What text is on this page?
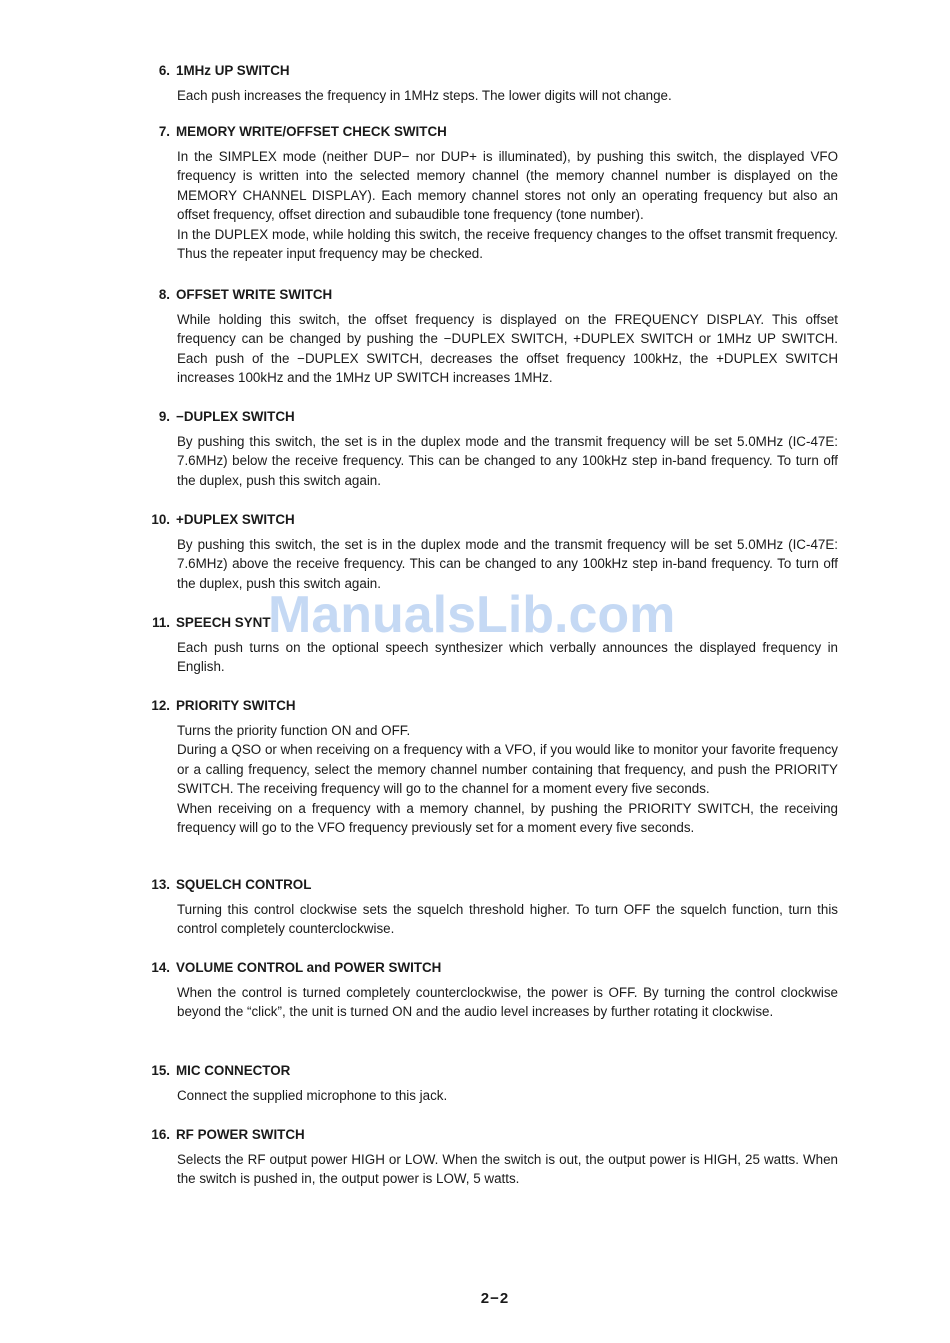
6. 1MHz UP SWITCH

Each push increases the frequency in 1MHz steps. The lower digits will not change.

7. MEMORY WRITE/OFFSET CHECK SWITCH

In the SIMPLEX mode (neither DUP− nor DUP+ is illuminated), by pushing this switch, the displayed VFO frequency is written into the selected memory channel (the memory channel number is displayed on the MEMORY CHANNEL DISPLAY). Each memory channel stores not only an operating frequency but also an offset frequency, offset direction and subaudible tone frequency (tone number).

In the DUPLEX mode, while holding this switch, the receive frequency changes to the offset transmit frequency. Thus the repeater input frequency may be checked.

8. OFFSET WRITE SWITCH

While holding this switch, the offset frequency is displayed on the FREQUENCY DISPLAY. This offset frequency can be changed by pushing the −DUPLEX SWITCH, +DUPLEX SWITCH or 1MHz UP SWITCH. Each push of the −DUPLEX SWITCH, decreases the offset frequency 100kHz, the +DUPLEX SWITCH increases 100kHz and the 1MHz UP SWITCH increases 1MHz.

9. −DUPLEX SWITCH

By pushing this switch, the set is in the duplex mode and the transmit frequency will be set 5.0MHz (IC-47E: 7.6MHz) below the receive frequency. This can be changed to any 100kHz step in-band frequency. To turn off the duplex, push this switch again.

10. +DUPLEX SWITCH

By pushing this switch, the set is in the duplex mode and the transmit frequency will be set 5.0MHz (IC-47E: 7.6MHz) above the receive frequency. This can be changed to any 100kHz step in-band frequency. To turn off the duplex, push this switch again.

11. SPEECH SYNT

Each push turns on the optional speech synthesizer which verbally announces the displayed frequency in English.

12. PRIORITY SWITCH

Turns the priority function ON and OFF.

During a QSO or when receiving on a frequency with a VFO, if you would like to monitor your favorite frequency or a calling frequency, select the memory channel number containing that frequency, and push the PRIORITY SWITCH. The receiving frequency will go to the channel for a moment every five seconds.

When receiving on a frequency with a memory channel, by pushing the PRIORITY SWITCH, the receiving frequency will go to the VFO frequency previously set for a moment every five seconds.

13. SQUELCH CONTROL

Turning this control clockwise sets the squelch threshold higher. To turn OFF the squelch function, turn this control completely counterclockwise.

14. VOLUME CONTROL and POWER SWITCH

When the control is turned completely counterclockwise, the power is OFF. By turning the control clockwise beyond the “click”, the unit is turned ON and the audio level increases by further rotating it clockwise.

15. MIC CONNECTOR

Connect the supplied microphone to this jack.

16. RF POWER SWITCH

Selects the RF output power HIGH or LOW. When the switch is out, the output power is HIGH, 25 watts. When the switch is pushed in, the output power is LOW, 5 watts.

ManualsLib.com
2−2
